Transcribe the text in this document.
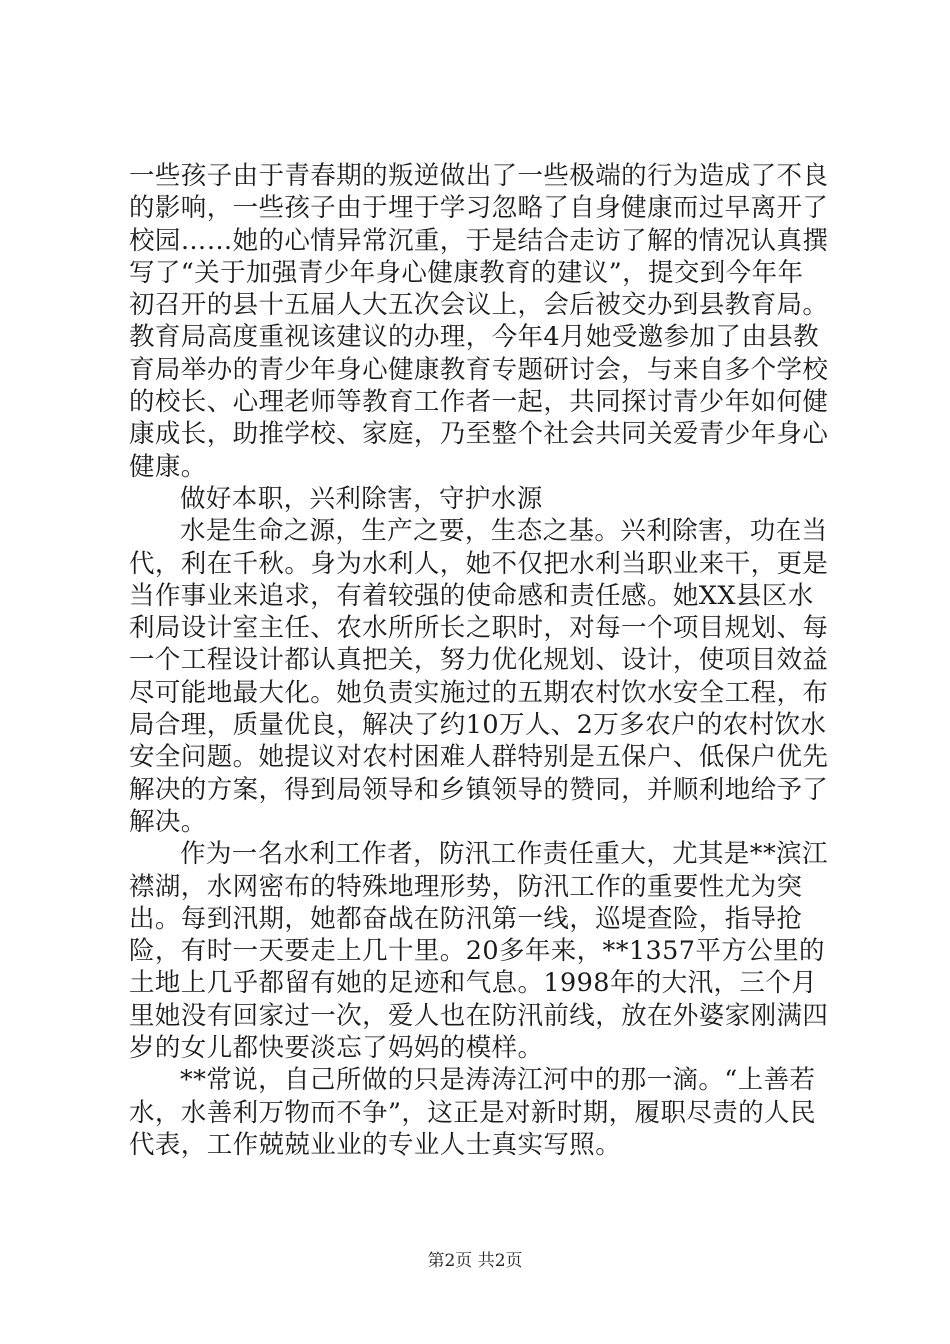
一些孩子由于青春期的叛逆做出了一些极端的行为造成了不良的影响，一些孩子由于埋于学习忽略了自身健康而过早离开了校园……她的心情异常沉重，于是结合走访了解的情况认真撰写了“关于加强青少年身心健康教育的建议”，提交到今年年初召开的县十五届人大五次会议上，会后被交办到县教育局。教育局高度重视该建议的办理，今年4月她受邀参加了由县教育局举办的青少年身心健康教育专题研讨会，与来自多个学校的校长、心理老师等教育工作者一起，共同探讨青少年如何健康成长，助推学校、家庭，乃至整个社会共同关爱青少年身心健康。

做好本职，兴利除害，守护水源

水是生命之源，生产之要，生态之基。兴利除害，功在当代，利在千秋。身为水利人，她不仅把水利当职业来干，更是当作事业来追求，有着较强的使命感和责任感。她XX县区水利局设计室主任、农水所所长之职时，对每一个项目规划、每一个工程设计都认真把关，努力优化规划、设计，使项目效益尽可能地最大化。她负责实施过的五期农村饮水安全工程，布局合理，质量优良，解决了约10万人、2万多农户的农村饮水安全问题。她提议对农村困难人群特别是五保户、低保户优先解决的方案，得到局领导和乡镇领导的赞同，并顺利地给予了解决。

作为一名水利工作者，防汛工作责任重大，尤其是**滨江襟湖，水网密布的特殊地理形势，防汛工作的重要性尤为突出。每到汛期，她都奋战在防汛第一线，巡堤查险，指导抢险，有时一天要走上几十里。20多年来，**1357平方公里的土地上几乎都留有她的足迹和气息。1998年的大汛，三个月里她没有回家过一次，爱人也在防汛前线，放在外婆家刚满四岁的女儿都快要淡忘了妈妈的模样。

**常说，自己所做的只是涛涛江河中的那一滴。“上善若水，水善利万物而不争”，这正是对新时期，履职尽责的人民代表，工作兢兢业业的专业人士真实写照。

第2页 共2页
